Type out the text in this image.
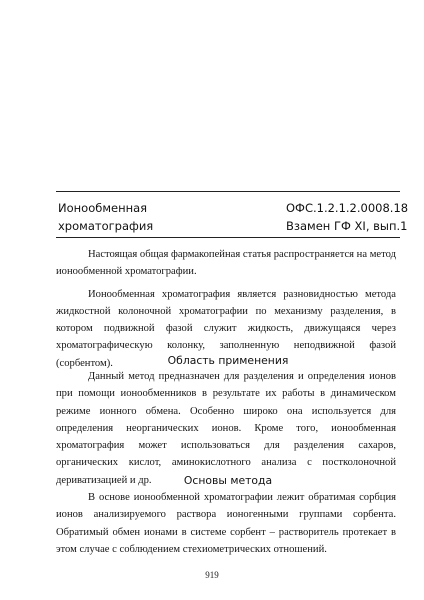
Ионообменная
хроматография
ОФС.1.2.1.2.0008.18
Взамен ГФ XI, вып.1

Настоящая общая фармакопейная статья распространяется на метод ионообменной хроматографии.

Ионообменная хроматография является разновидностью метода жидкостной колоночной хроматографии по механизму разделения, в котором подвижной фазой служит жидкость, движущаяся через хроматографическую колонку, заполненную неподвижной фазой (сорбентом).	Область применения

Данный метод предназначен для разделения и определения ионов при помощи ионообменников в результате их работы в динамическом режиме ионного обмена. Особенно широко она используется для определения неорганических ионов. Кроме того, ионообменная хроматография может использоваться для разделения сахаров, органических кислот, аминокислотного анализа с постколоночной дериватизацией и др.	Основы метода

В основе ионообменной хроматографии лежит обратимая сорбция ионов анализируемого раствора ионогенными группами сорбента. Обратимый обмен ионами в системе сорбент – растворитель протекает в этом случае с соблюдением стехиометрических отношений.

919
